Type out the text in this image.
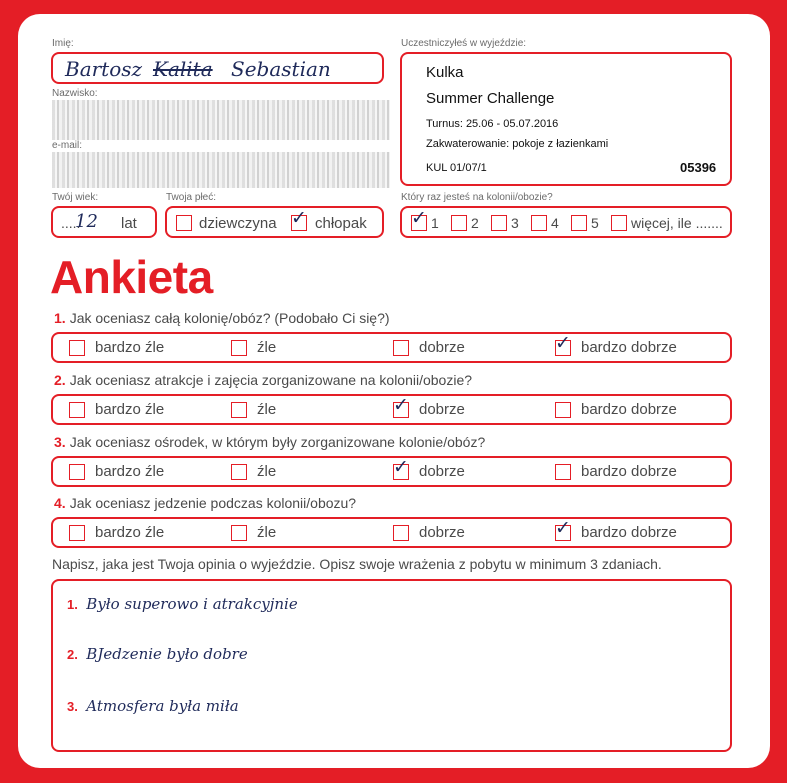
Imię:
Bartosz Kalita Sebastian
Nazwisko:
e-mail:
Twój wiek:
.....
12 lat
Twoja płeć:
dziewczyna ✓ chłopak
Uczestniczyłeś w wyjeździe:
Kulka
Summer Challenge
Turnus: 25.06 - 05.07.2016
Zakwaterowanie: pokoje z łazienkami
KUL 01/07/1	05396
Który raz jesteś na kolonii/obozie?
✓ 1 2 3 4 5 więcej, ile .......
Ankieta
1. Jak oceniasz całą kolonię/obóz? (Podobało Ci się?)
bardzo źle	źle	dobrze	✓ bardzo dobrze
2. Jak oceniasz atrakcje i zajęcia zorganizowane na kolonii/obozie?
bardzo źle	źle	✓ dobrze	bardzo dobrze
3. Jak oceniasz ośrodek, w którym były zorganizowane kolonie/obóz?
bardzo źle	źle	✓ dobrze	bardzo dobrze
4. Jak oceniasz jedzenie podczas kolonii/obozu?
bardzo źle	źle	dobrze	✓ bardzo dobrze
Napisz, jaka jest Twoja opinia o wyjeździe. Opisz swoje wrażenia z pobytu w minimum 3 zdaniach.
1. Było superowo i atrakcyjnie
2. BJedzenie było dobre
3. Atmosfera była miła
